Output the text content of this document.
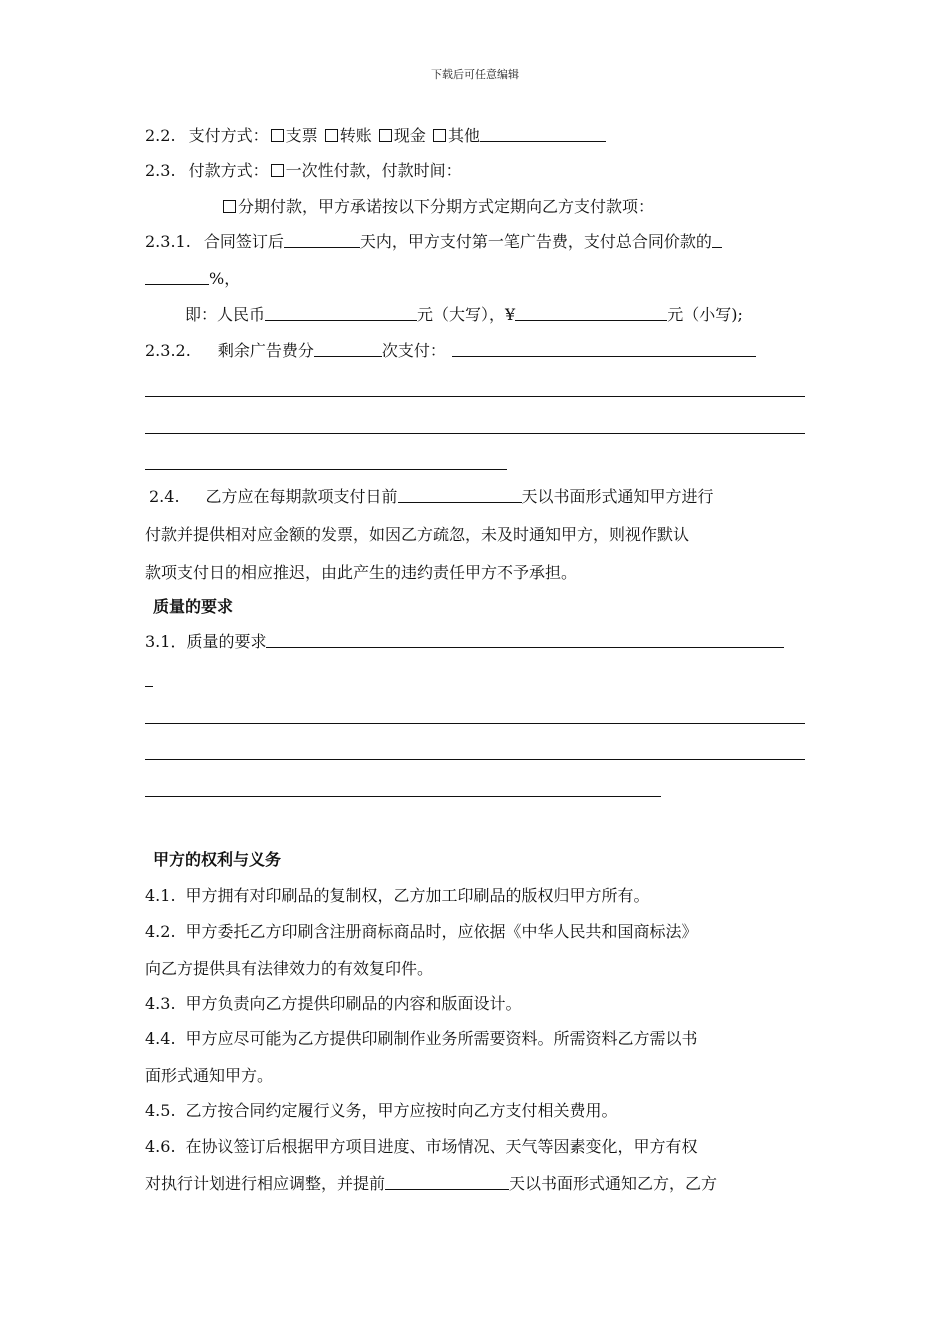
下载后可任意编辑
2.2. 支付方式： 支票 转账 现金 其他
2.3. 付款方式： 一次性付款，付款时间：
分期付款，甲方承诺按以下分期方式定期向乙方支付款项：
2.3.1. 合同签订后	天内，甲方支付第一笔广告费，支付总合同价款的
%，
即：人民币	元（大写），¥	元（小写);
2.3.2. 剩余广告费分	次支付：
2.4. 乙方应在每期款项支付日前	天以书面形式通知甲方进行
付款并提供相对应金额的发票，如因乙方疏忽，未及时通知甲方，则视作默认
款项支付日的相应推迟，由此产生的违约责任甲方不予承担。
质量的要求
3.1．质量的要求
甲方的权利与义务
4.1. 甲方拥有对印刷品的复制权，乙方加工印刷品的版权归甲方所有。
4.2. 甲方委托乙方印刷含注册商标商品时，应依据《中华人民共和国商标法》
向乙方提供具有法律效力的有效复印件。
4.3. 甲方负责向乙方提供印刷品的内容和版面设计。
4.4. 甲方应尽可能为乙方提供印刷制作业务所需要资料。所需资料乙方需以书
面形式通知甲方。
4.5. 乙方按合同约定履行义务，甲方应按时向乙方支付相关费用。
4.6. 在协议签订后根据甲方项目进度、市场情况、天气等因素变化，甲方有权
对执行计划进行相应调整，并提前	天以书面形式通知乙方，乙方
